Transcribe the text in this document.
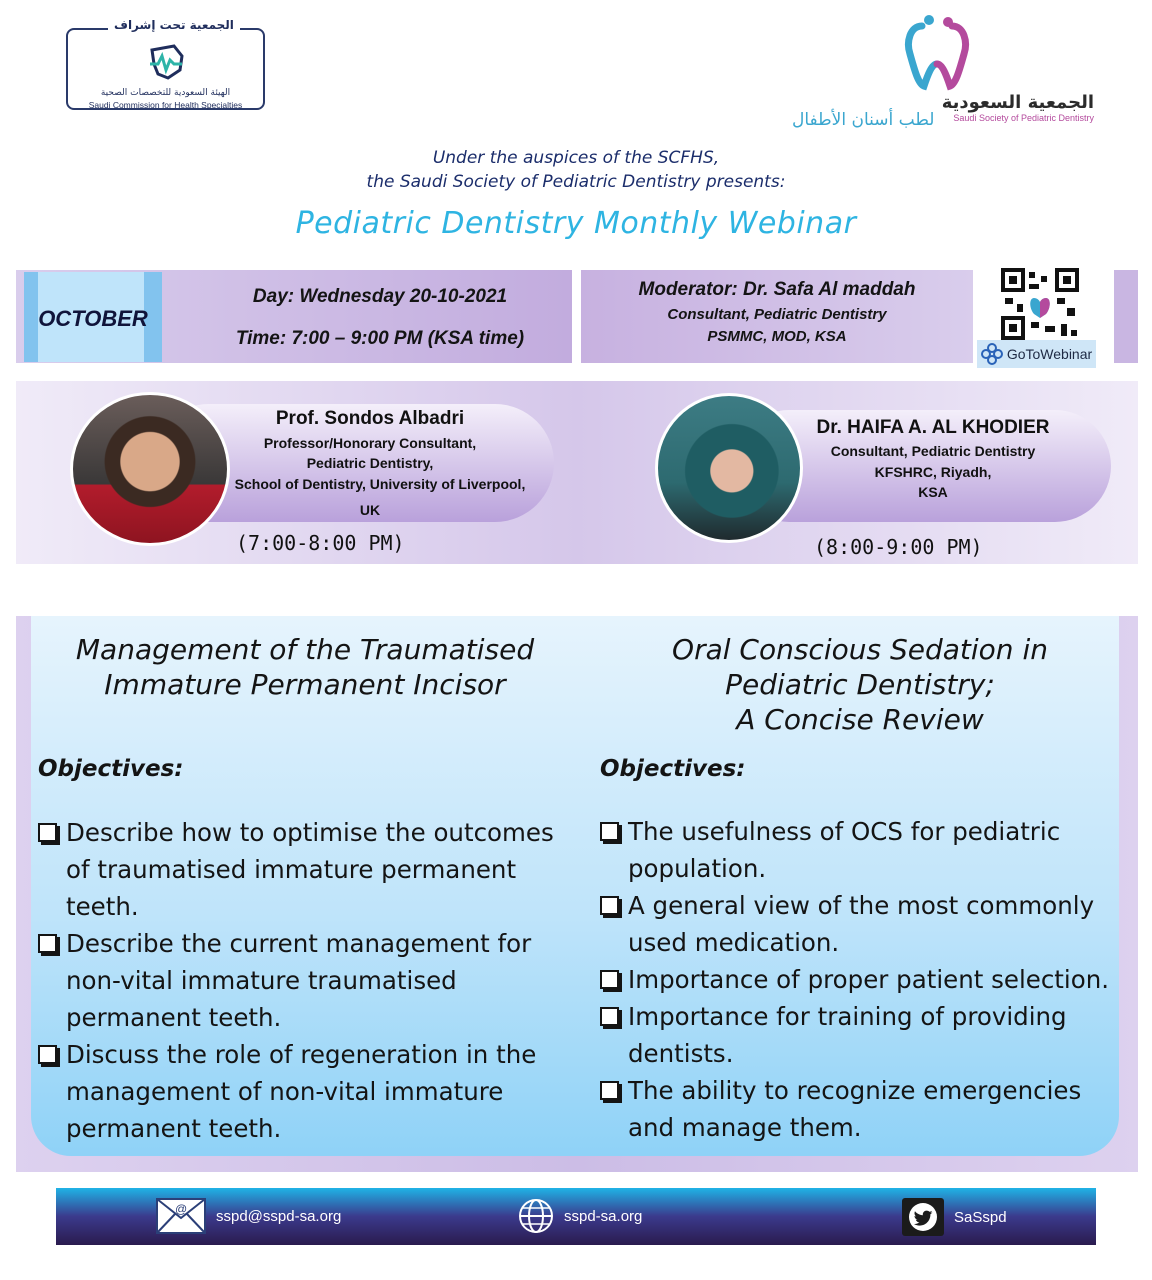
الجمعية تحت إشراف
الهيئة السعودية للتخصصات الصحية
Saudi Commission for Health Specialties	الجمعية السعودية
لطب أسنان الأطفال Saudi Society of Pediatric Dentistry
Under the auspices of the SCFHS,
the Saudi Society of Pediatric Dentistry presents:
Pediatric Dentistry Monthly Webinar
OCTOBER
Day: Wednesday 20-10-2021
Time: 7:00 – 9:00 PM (KSA time)
Moderator: Dr. Safa Al maddah
Consultant, Pediatric Dentistry
PSMMC, MOD, KSA
GoToWebinar
Prof. Sondos Albadri
Professor/Honorary Consultant,
Pediatric Dentistry,
School of Dentistry, University of Liverpool,
UK
(7:00-8:00 PM)
Dr. HAIFA A. AL KHODIER
Consultant, Pediatric Dentistry
KFSHRC, Riyadh,
KSA
(8:00-9:00 PM)
Management of the Traumatised
Immature Permanent Incisor
Oral Conscious Sedation in
Pediatric Dentistry;
A Concise Review
Objectives:	Objectives:
Describe how to optimise the outcomes of traumatised immature permanent teeth.
Describe the current management for non-vital immature traumatised permanent teeth.
Discuss the role of regeneration in the management of non-vital immature permanent teeth.
The usefulness of OCS for pediatric population.
A general view of the most commonly used medication.
Importance of proper patient selection.
Importance for training of providing dentists.
The ability to recognize emergencies and manage them.
@ sspd@sspd-sa.org	sspd-sa.org	SaSspd
